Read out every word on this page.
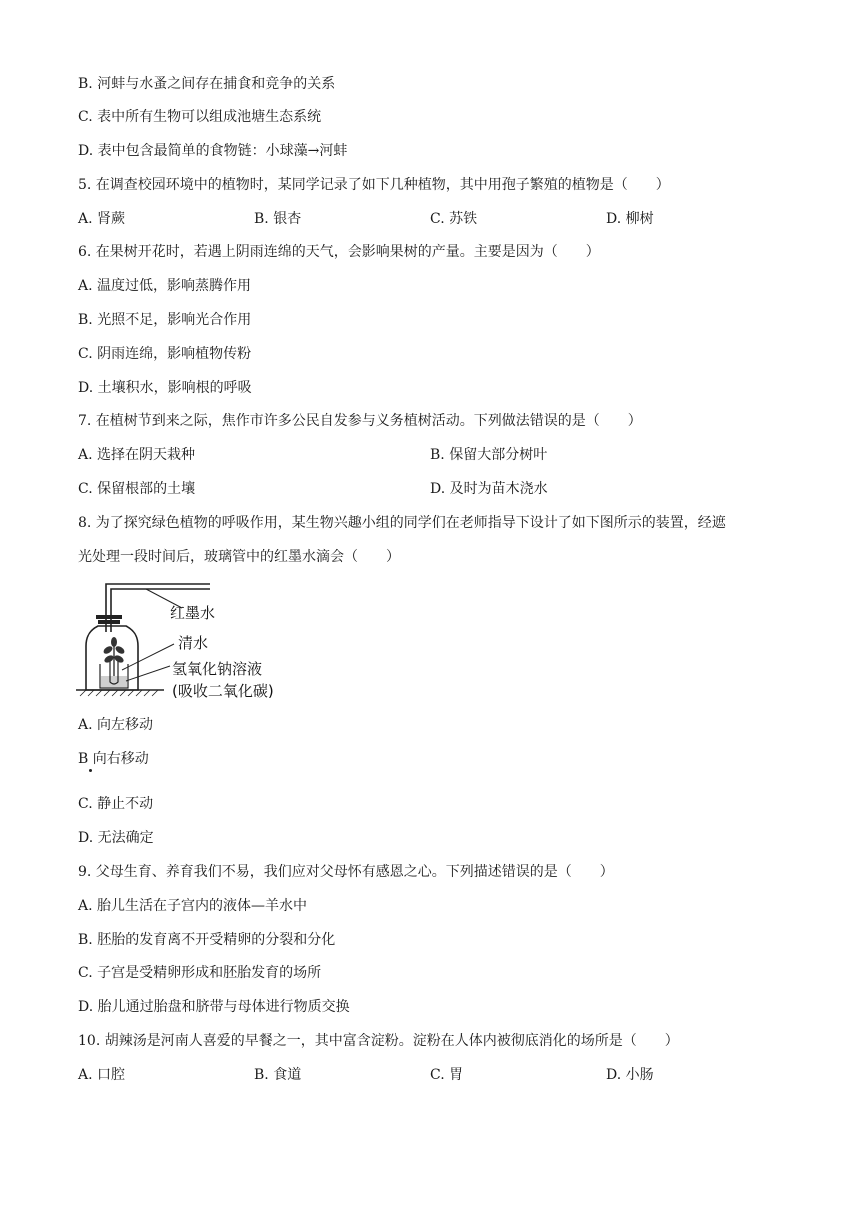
B. 河蚌与水蚤之间存在捕食和竞争的关系
C. 表中所有生物可以组成池塘生态系统
D. 表中包含最简单的食物链：小球藻→河蚌
5. 在调查校园环境中的植物时，某同学记录了如下几种植物，其中用孢子繁殖的植物是（　　）
A. 肾蕨	B. 银杏	C. 苏铁	D. 柳树
6. 在果树开花时，若遇上阴雨连绵的天气，会影响果树的产量。主要是因为（　　）
A. 温度过低，影响蒸腾作用
B. 光照不足，影响光合作用
C. 阴雨连绵，影响植物传粉
D. 土壤积水，影响根的呼吸
7. 在植树节到来之际，焦作市许多公民自发参与义务植树活动。下列做法错误的是（　　）
A. 选择在阴天栽种	B. 保留大部分树叶
C. 保留根部的土壤	D. 及时为苗木浇水
8. 为了探究绿色植物的呼吸作用，某生物兴趣小组的同学们在老师指导下设计了如下图所示的装置，经遮
光处理一段时间后，玻璃管中的红墨水滴会（　　）
红墨水
清水
氢氧化钠溶液
(吸收二氧化碳)
A. 向左移动
B 向右移动
C. 静止不动
D. 无法确定
9. 父母生育、养育我们不易，我们应对父母怀有感恩之心。下列描述错误的是（　　）
A. 胎儿生活在子宫内的液体—羊水中
B. 胚胎的发育离不开受精卵的分裂和分化
C. 子宫是受精卵形成和胚胎发育的场所
D. 胎儿通过胎盘和脐带与母体进行物质交换
10. 胡辣汤是河南人喜爱的早餐之一，其中富含淀粉。淀粉在人体内被彻底消化的场所是（　　）
A. 口腔	B. 食道	C. 胃	D. 小肠
